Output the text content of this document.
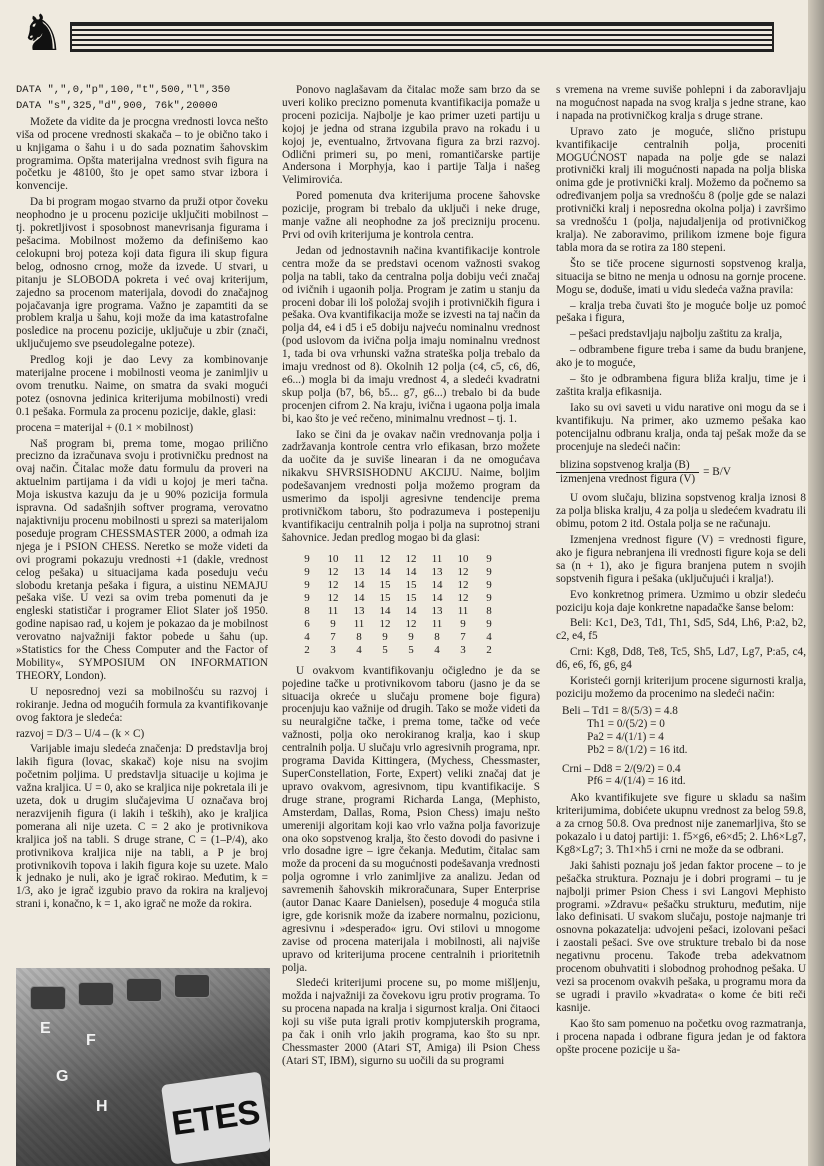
♞

DATA ",",0,"p",100,"t",500,"l",350

DATA "s",325,"d",900, 76k",20000

Možete da vidite da je procgna vrednosti lovca nešto viša od procene vrednosti skakača – to je obično tako i u knjigama o šahu i u do sada poznatim šahovskim programima. Opšta materijalna vrednost svih figura na početku je 48100, što je opet samo stvar izbora i konvencije.

Da bi program mogao stvarno da pruži otpor čoveku neophodno je u procenu pozicije uključiti mobilnost – tj. pokretljivost i sposobnost manevrisanja figurama i pešacima. Mobilnost možemo da definišemo kao celokupni broj poteza koji data figura ili skup figura belog, odnosno crnog, može da izvede. U stvari, u pitanju je SLOBODA pokreta i već ovaj kriterijum, zajedno sa procenom materijala, dovodi do značajnog pojačavanja igre programa. Važno je zapamtiti da se problem kralja u šahu, koji može da ima katastrofalne posledice na procenu pozicije, uključuje u zbir (znači, uključujemo sve pseudolegalne poteze).

Predlog koji je dao Levy za kombinovanje materijalne procene i mobilnosti veoma je zanimljiv u ovom trenutku. Naime, on smatra da svaki mogući potez (osnovna jedinica kriterijuma mobilnosti) vredi 0.1 pešaka. Formula za procenu pozicije, dakle, glasi:

procena = materijal + (0.1 × mobilnost)

Naš program bi, prema tome, mogao prilično precizno da izračunava svoju i protivničku prednost na ovaj način. Čitalac može datu formulu da proveri na aktuelnim partijama i da vidi u kojoj je meri tačna. Moja iskustva kazuju da je u 90% pozicija formula ispravna. Od sadašnjih softver programa, verovatno najaktivniju procenu mobilnosti u sprezi sa materijalom poseduje program CHESSMASTER 2000, a odmah iza njega je i PSION CHESS. Neretko se može videti da ovi programi pokazuju vrednosti +1 (dakle, vrednost celog pešaka) u situacijama kada poseduju veću slobodu kretanja pešaka i figura, a uistinu NEMAJU pešaka više. U vezi sa ovim treba pomenuti da je engleski statističar i programer Eliot Slater još 1950. godine napisao rad, u kojem je pokazao da je mobilnost verovatno najvažniji faktor pobede u šahu (up. »Statistics for the Chess Computer and the Factor of Mobility«, SYMPOSIUM ON INFORMATION THEORY, London).

U neposrednoj vezi sa mobilnošću su razvoj i rokiranje. Jedna od mogućih formula za kvantifikovanje ovog faktora je sledeća:

razvoj = D/3 – U/4 – (k × C)

Varijable imaju sledeća značenja: D predstavlja broj lakih figura (lovac, skakač) koje nisu na svojim početnim poljima. U predstavlja situacije u kojima je važna kraljica. U = 0, ako se kraljica nije pokretala ili je uzeta, dok u drugim slučajevima U označava broj nerazvijenih figura (i lakih i teških), ako je kraljica pomerana ali nije uzeta. C = 2 ako je protivnikova kraljica još na tabli. S druge strane, C = (1–P/4), ako protivnikova kraljica nije na tabli, a P je broj protivnikovih topova i lakih figura koje su uzete. Malo k jednako je nuli, ako je igrač rokirao. Međutim, k = 1/3, ako je igrač izgubio pravo da rokira na kraljevoj strani i, konačno, k = 1, ako igrač ne može da rokira.

Ponovo naglašavam da čitalac može sam brzo da se uveri koliko precizno pomenuta kvantifikacija pomaže u proceni pozicija. Najbolje je kao primer uzeti partiju u kojoj je jedna od strana izgubila pravo na rokadu i u kojoj je, eventualno, žrtvovana figura za brzi razvoj. Odlični primeri su, po meni, romantičarske partije Andersona i Morphyja, kao i partije Talja i našeg Velimirovića.

Pored pomenuta dva kriterijuma procene šahovske pozicije, program bi trebalo da uključi i neke druge, manje važne ali neophodne za još precizniju procenu. Prvi od ovih kriterijuma je kontrola centra.

Jedan od jednostavnih načina kvantifikacije kontrole centra može da se predstavi ocenom važnosti svakog polja na tabli, tako da centralna polja dobiju veći značaj od ivičnih i ugaonih polja. Program je zatim u stanju da proceni dobar ili loš položaj svojih i protivničkih figura i pešaka. Ova kvantifikacija može se izvesti na taj način da polja d4, e4 i d5 i e5 dobiju najveću nominalnu vrednost (pod uslovom da ivična polja imaju nominalnu vrednost 1, tada bi ova vrhunski važna strateška polja trebalo da imaju vrednost od 8). Okolnih 12 polja (c4, c5, c6, d6, e6...) mogla bi da imaju vrednost 4, a sledeći kvadratni skup polja (b7, b6, b5... g7, g6...) trebalo bi da bude procenjen cifrom 2. Na kraju, ivična i ugaona polja imala bi, kao što je već rečeno, minimalnu vrednost – tj. 1.

Iako se čini da je ovakav način vrednovanja polja i zadržavanja kontrole centra vrlo efikasan, brzo možete da uočite da je suviše linearan i da ne omogućava nikakvu SHVRSISHODNU AKCIJU. Naime, boljim podešavanjem vrednosti polja možemo program da usmerimo da ispolji agresivne tendencije prema protivničkom taboru, što podrazumeva i postepeniju kvantifikaciju centralnih polja i polja na suprotnoj strani šahovnice. Jedan predlog mogao bi da glasi:

9	10	11	12	12	11	10	9
9	12	13	14	14	13	12	9
9	12	14	15	15	14	12	9
9	12	14	15	15	14	12	9
8	11	13	14	14	13	11	8
6	9	11	12	12	11	9	9
4	7	8	9	9	8	7	4
2	3	4	5	5	4	3	2

U ovakvom kvantifikovanju očigledno je da se pojedine tačke u protivnikovom taboru (jasno je da se situacija okreće u slučaju promene boje figura) procenjuju kao važnije od drugih. Tako se može videti da su neuralgične tačke, i prema tome, tačke od veće važnosti, polja oko nerokiranog kralja, kao i skup centralnih polja. U slučaju vrlo agresivnih programa, npr. programa Davida Kittingera, (Mychess, Chessmaster, SuperConstellation, Forte, Expert) veliki značaj dat je upravo ovakvom, agresivnom, tipu kvantifikacije. S druge strane, programi Richarda Langa, (Mephisto, Amsterdam, Dallas, Roma, Psion Chess) imaju nešto umereniji algoritam koji kao vrlo važna polja favorizuje ona oko sopstvenog kralja, što često dovodi do pasivne i vrlo dosadne igre – igre čekanja. Međutim, čitalac sam može da proceni da su mogućnosti podešavanja vrednosti polja ogromne i vrlo zanimljive za analizu. Jedan od savremenih šahovskih mikroračunara, Super Enterprise (autor Danac Kaare Danielsen), poseduje 4 moguća stila igre, gde korisnik može da izabere normalnu, pozicionu, agresivnu i »desperado« igru. Ovi stilovi u mnogome zavise od procena materijala i mobilnosti, ali najviše upravo od kriterijuma procene centralnih i prioritetnih polja.

Sledeći kriterijumi procene su, po mome mišljenju, možda i najvažniji za čovekovu igru protiv programa. To su procena napada na kralja i sigurnost kralja. Oni čitaoci koji su više puta igrali protiv kompjuterskih programa, pa čak i onih vrlo jakih programa, kao što su npr. Chessmaster 2000 (Atari ST, Amiga) ili Psion Chess (Atari ST, IBM), sigurno su uočili da su programi

s vremena na vreme suviše pohlepni i da zaboravljaju na mogućnost napada na svog kralja s jedne strane, kao i napada na protivničkog kralja s druge strane.

Upravo zato je moguće, slično pristupu kvantifikacije centralnih polja, proceniti MOGUĆNOST napada na polje gde se nalazi protivnički kralj ili mogućnosti napada na polja bliska onima gde je protivnički kralj. Možemo da počnemo sa određivanjem polja sa vrednošću 8 (polje gde se nalazi protivnički kralj i neposredna okolna polja) i završimo sa vrednošću 1 (polja, najudaljenija od protivničkog kralja). Ne zaboravimo, prilikom izmene boje figura tabla mora da se rotira za 180 stepeni.

Što se tiče procene sigurnosti sopstvenog kralja, situacija se bitno ne menja u odnosu na gornje procene. Mogu se, doduše, imati u vidu sledeća važna pravila:

– kralja treba čuvati što je moguće bolje uz pomoć pešaka i figura,

– pešaci predstavljaju najbolju zaštitu za kralja,

– odbrambene figure treba i same da budu branjene, ako je to moguće,

– što je odbrambena figura bliža kralju, time je i zaštita kralja efikasnija.

Iako su ovi saveti u vidu narative oni mogu da se i kvantifikuju. Na primer, ako uzmemo pešaka kao potencijalnu odbranu kralja, onda taj pešak može da se procenjuje na sledeći način:

$\frac{\text{blizina sopstvenog kralja (B)}}{\text{izmenjena vrednost figura (V)}} = B/V$

U ovom slučaju, blizina sopstvenog kralja iznosi 8 za polja bliska kralju, 4 za polja u sledećem kvadratu ili obimu, potom 2 itd. Ostala polja se ne računaju.

Izmenjena vrednost figure (V) = vrednosti figure, ako je figura nebranjena ili vrednosti figure koja se deli sa (n + 1), ako je figura branjena putem n svojih sopstvenih figura i pešaka (uključujući i kralja!).

Evo konkretnog primera. Uzmimo u obzir sledeću poziciju koja daje konkretne napadačke šanse belom:

Beli: Kc1, De3, Td1, Th1, Sd5, Sd4, Lh6, P:a2, b2, c2, e4, f5

Crni: Kg8, Dd8, Te8, Tc5, Sh5, Ld7, Lg7, P:a5, c4, d6, e6, f6, g6, g4

Koristeći gornji kriterijum procene sigurnosti kralja, poziciju možemo da procenimo na sledeći način:

Beli – Td1 = 8/(5/3) = 4.8
Th1 = 0/(5/2) = 0
Pa2 = 4/(1/1) = 4
Pb2 = 8/(1/2) = 16 itd.
Crni – Dd8 = 2/(9/2) = 0.4
Pf6 = 4/(1/4) = 16 itd.

Ako kvantifikujete sve figure u skladu sa našim kriterijumima, dobićete ukupnu vrednost za belog 59.8, a za crnog 50.8. Ova prednost nije zanemarljiva, što se pokazalo i u datoj partiji: 1. f5×g6, e6×d5; 2. Lh6×Lg7, Kg8×Lg7; 3. Th1×h5 i crni ne može da se odbrani.

Jaki šahisti poznaju još jedan faktor procene – to je pešačka struktura. Poznaju je i dobri programi – tu je najbolji primer Psion Chess i svi Langovi Mephisto programi. »Zdravu« pešačku strukturu, međutim, nije lako definisati. U svakom slučaju, postoje najmanje tri osnovna pokazatelja: udvojeni pešaci, izolovani pešaci i zaostali pešaci. Sve ove strukture trebalo bi da nose negativnu procenu. Takođe treba adekvatnom procenom obuhvatiti i slobodnog prohodnog pešaka. U vezi sa procenom ovakvih pešaka, u programu mora da se ugradi i pravilo »kvadrata« o kome će biti reči kasnije.

Kao što sam pomenuo na početku ovog razmatranja, i procena napada i odbrane figura jedan je od faktora opšte procene pozicije u ša-

E
F
G
H ETES
